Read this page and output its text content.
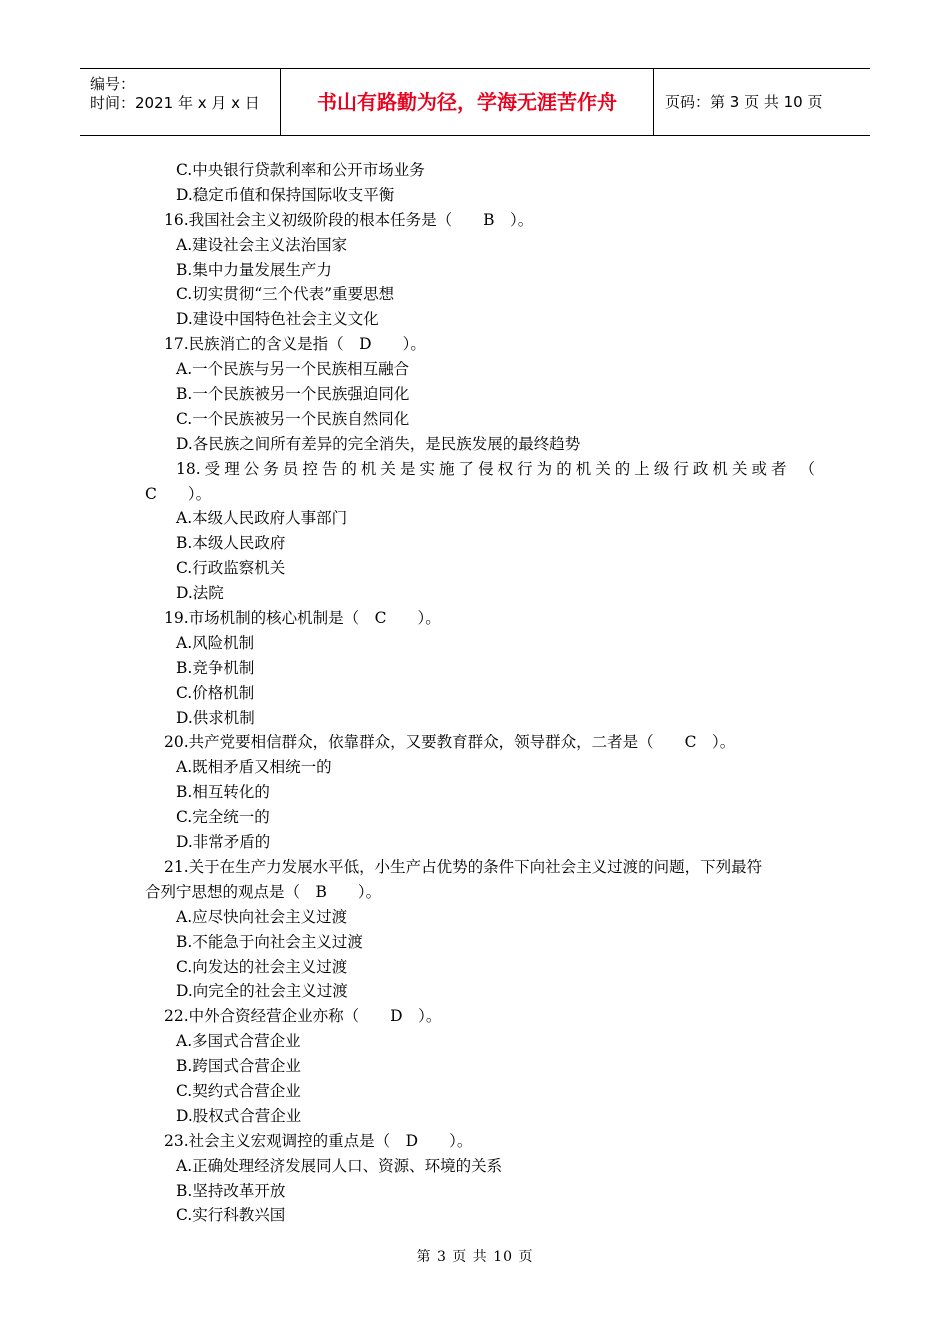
编号：
时间：2021 年 x 月 x 日	书山有路勤为径，学海无涯苦作舟	页码：第 3 页 共 10 页
C.中央银行贷款利率和公开市场业务
D.稳定币值和保持国际收支平衡
16.我国社会主义初级阶段的根本任务是（　　B　）。
A.建设社会主义法治国家
B.集中力量发展生产力
C.切实贯彻“三个代表”重要思想
D.建设中国特色社会主义文化
17.民族消亡的含义是指（　D　　）。
A.一个民族与另一个民族相互融合
B.一个民族被另一个民族强迫同化
C.一个民族被另一个民族自然同化
D.各民族之间所有差异的完全消失，是民族发展的最终趋势
18.受理公务员控告的机关是实施了侵权行为的机关的上级行政机关或者 （
C　　）。
A.本级人民政府人事部门
B.本级人民政府
C.行政监察机关
D.法院
19.市场机制的核心机制是（　C　　）。
A.风险机制
B.竞争机制
C.价格机制
D.供求机制
20.共产党要相信群众，依靠群众，又要教育群众，领导群众，二者是（　　C　）。
A.既相矛盾又相统一的
B.相互转化的
C.完全统一的
D.非常矛盾的
21.关于在生产力发展水平低，小生产占优势的条件下向社会主义过渡的问题，下列最符
合列宁思想的观点是（　B　　）。
A.应尽快向社会主义过渡
B.不能急于向社会主义过渡
C.向发达的社会主义过渡
D.向完全的社会主义过渡
22.中外合资经营企业亦称（　　D　）。
A.多国式合营企业
B.跨国式合营企业
C.契约式合营企业
D.股权式合营企业
23.社会主义宏观调控的重点是（　D　　）。
A.正确处理经济发展同人口、资源、环境的关系
B.坚持改革开放
C.实行科教兴国
第 3 页 共 10 页
